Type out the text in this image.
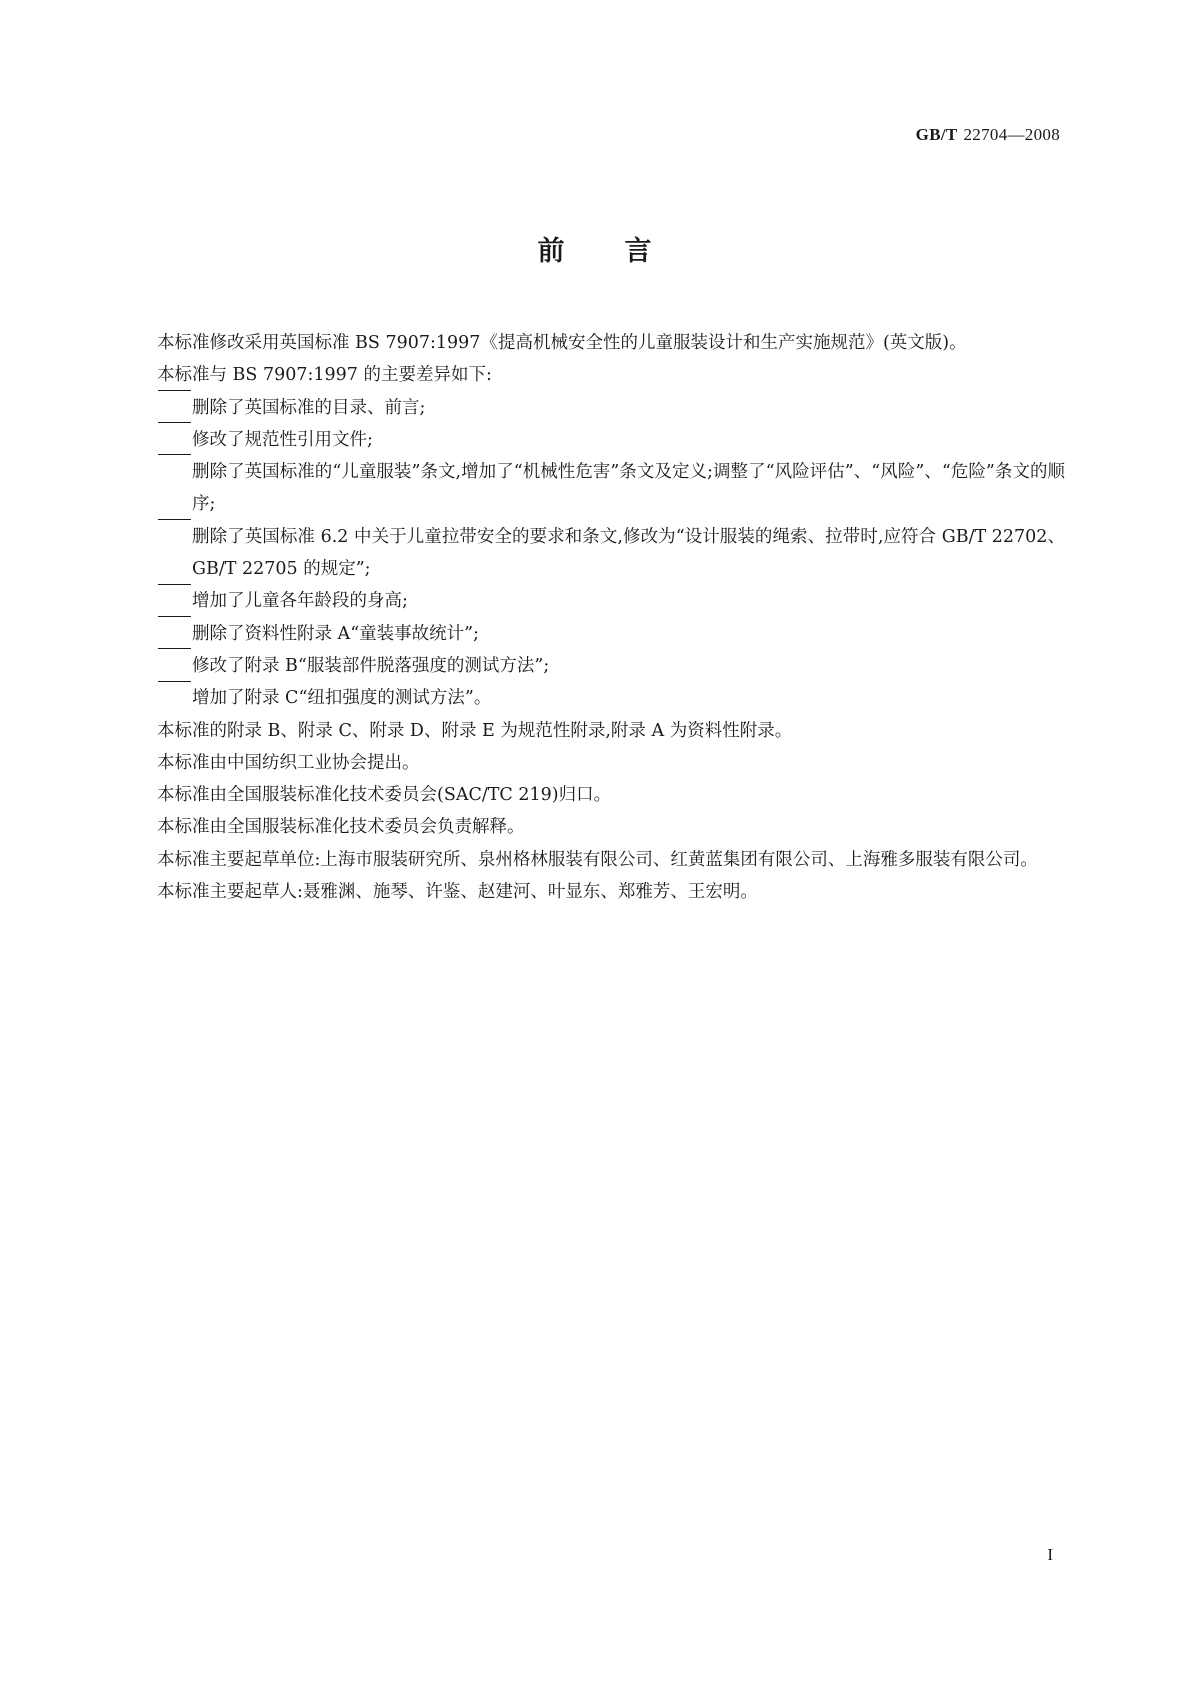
GB/T 22704—2008
前　　言

本标准修改采用英国标准 BS 7907:1997《提高机械安全性的儿童服装设计和生产实施规范》(英文版)。

本标准与 BS 7907:1997 的主要差异如下:

删除了英国标准的目录、前言;

修改了规范性引用文件;

删除了英国标准的“儿童服装”条文,增加了“机械性危害”条文及定义;调整了“风险评估”、“风险”、“危险”条文的顺序;

删除了英国标准 6.2 中关于儿童拉带安全的要求和条文,修改为“设计服装的绳索、拉带时,应符合 GB/T 22702、GB/T 22705 的规定”;

增加了儿童各年龄段的身高;

删除了资料性附录 A“童装事故统计”;

修改了附录 B“服装部件脱落强度的测试方法”;

增加了附录 C“纽扣强度的测试方法”。

本标准的附录 B、附录 C、附录 D、附录 E 为规范性附录,附录 A 为资料性附录。

本标准由中国纺织工业协会提出。

本标准由全国服装标准化技术委员会(SAC/TC 219)归口。

本标准由全国服装标准化技术委员会负责解释。

本标准主要起草单位:上海市服装研究所、泉州格林服装有限公司、红黄蓝集团有限公司、上海雅多服装有限公司。

本标准主要起草人:聂雅渊、施琴、许鉴、赵建河、叶显东、郑雅芳、王宏明。

I
